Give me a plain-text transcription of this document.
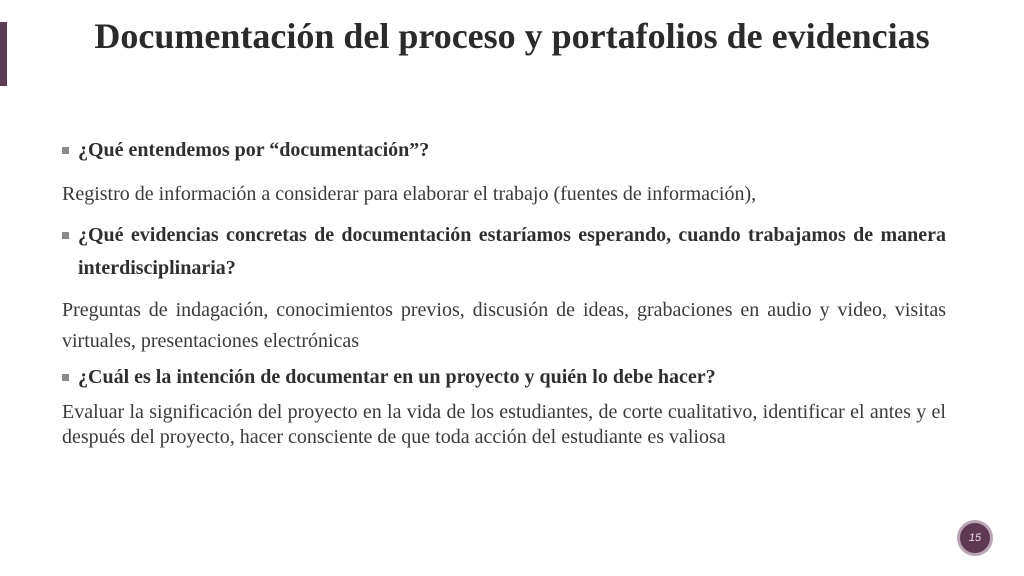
Documentación del proceso y portafolios de evidencias
¿Qué entendemos por “documentación”?
Registro de información a considerar para elaborar el trabajo (fuentes de información),
¿Qué evidencias concretas de documentación estaríamos esperando, cuando trabajamos de manera interdisciplinaria?
Preguntas de indagación, conocimientos previos, discusión de ideas, grabaciones en audio y video, visitas virtuales, presentaciones electrónicas
¿Cuál es la intención de documentar en un proyecto y quién lo debe hacer?
Evaluar la significación del proyecto en la vida de los estudiantes, de corte cualitativo, identificar el antes y el después del proyecto, hacer consciente de que toda acción del estudiante es valiosa
15
